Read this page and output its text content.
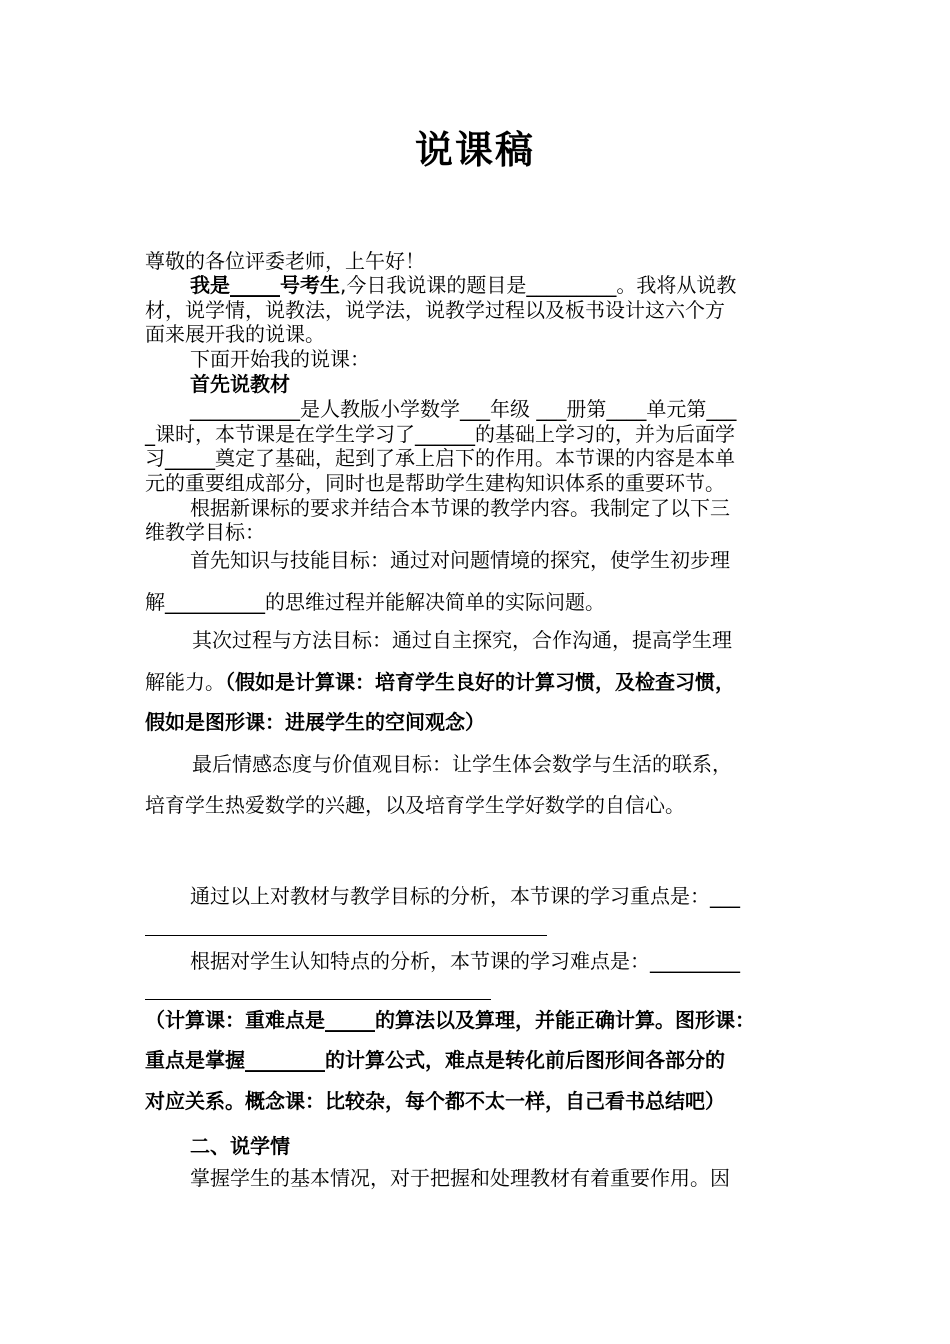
说课稿
尊敬的各位评委老师，上午好！
我是_____号考生,今日我说课的题目是_________。我将从说教
材，说学情，说教法，说学法，说教学过程以及板书设计这六个方
面来展开我的说课。
下面开始我的说课：
首先说教材
___________是人教版小学数学___年级 ___册第____单元第___
_课时，本节课是在学生学习了______的基础上学习的，并为后面学
习_____奠定了基础，起到了承上启下的作用。本节课的内容是本单
元的重要组成部分，同时也是帮助学生建构知识体系的重要环节。
根据新课标的要求并结合本节课的教学内容。我制定了以下三
维教学目标：
首先知识与技能目标：通过对问题情境的探究，使学生初步理
解__________的思维过程并能解决简单的实际问题。
其次过程与方法目标：通过自主探究，合作沟通，提高学生理
解能力。（假如是计算课：培育学生良好的计算习惯，及检查习惯，
假如是图形课：进展学生的空间观念）
最后情感态度与价值观目标：让学生体会数学与生活的联系，
培育学生热爱数学的兴趣，以及培育学生学好数学的自信心。
通过以上对教材与教学目标的分析，本节课的学习重点是：___
根据对学生认知特点的分析，本节课的学习难点是：_________
（计算课：重难点是_____的算法以及算理，并能正确计算。图形课：
重点是掌握________的计算公式，难点是转化前后图形间各部分的
对应关系。概念课：比较杂，每个都不太一样，自己看书总结吧）
二、说学情
掌握学生的基本情况，对于把握和处理教材有着重要作用。因
